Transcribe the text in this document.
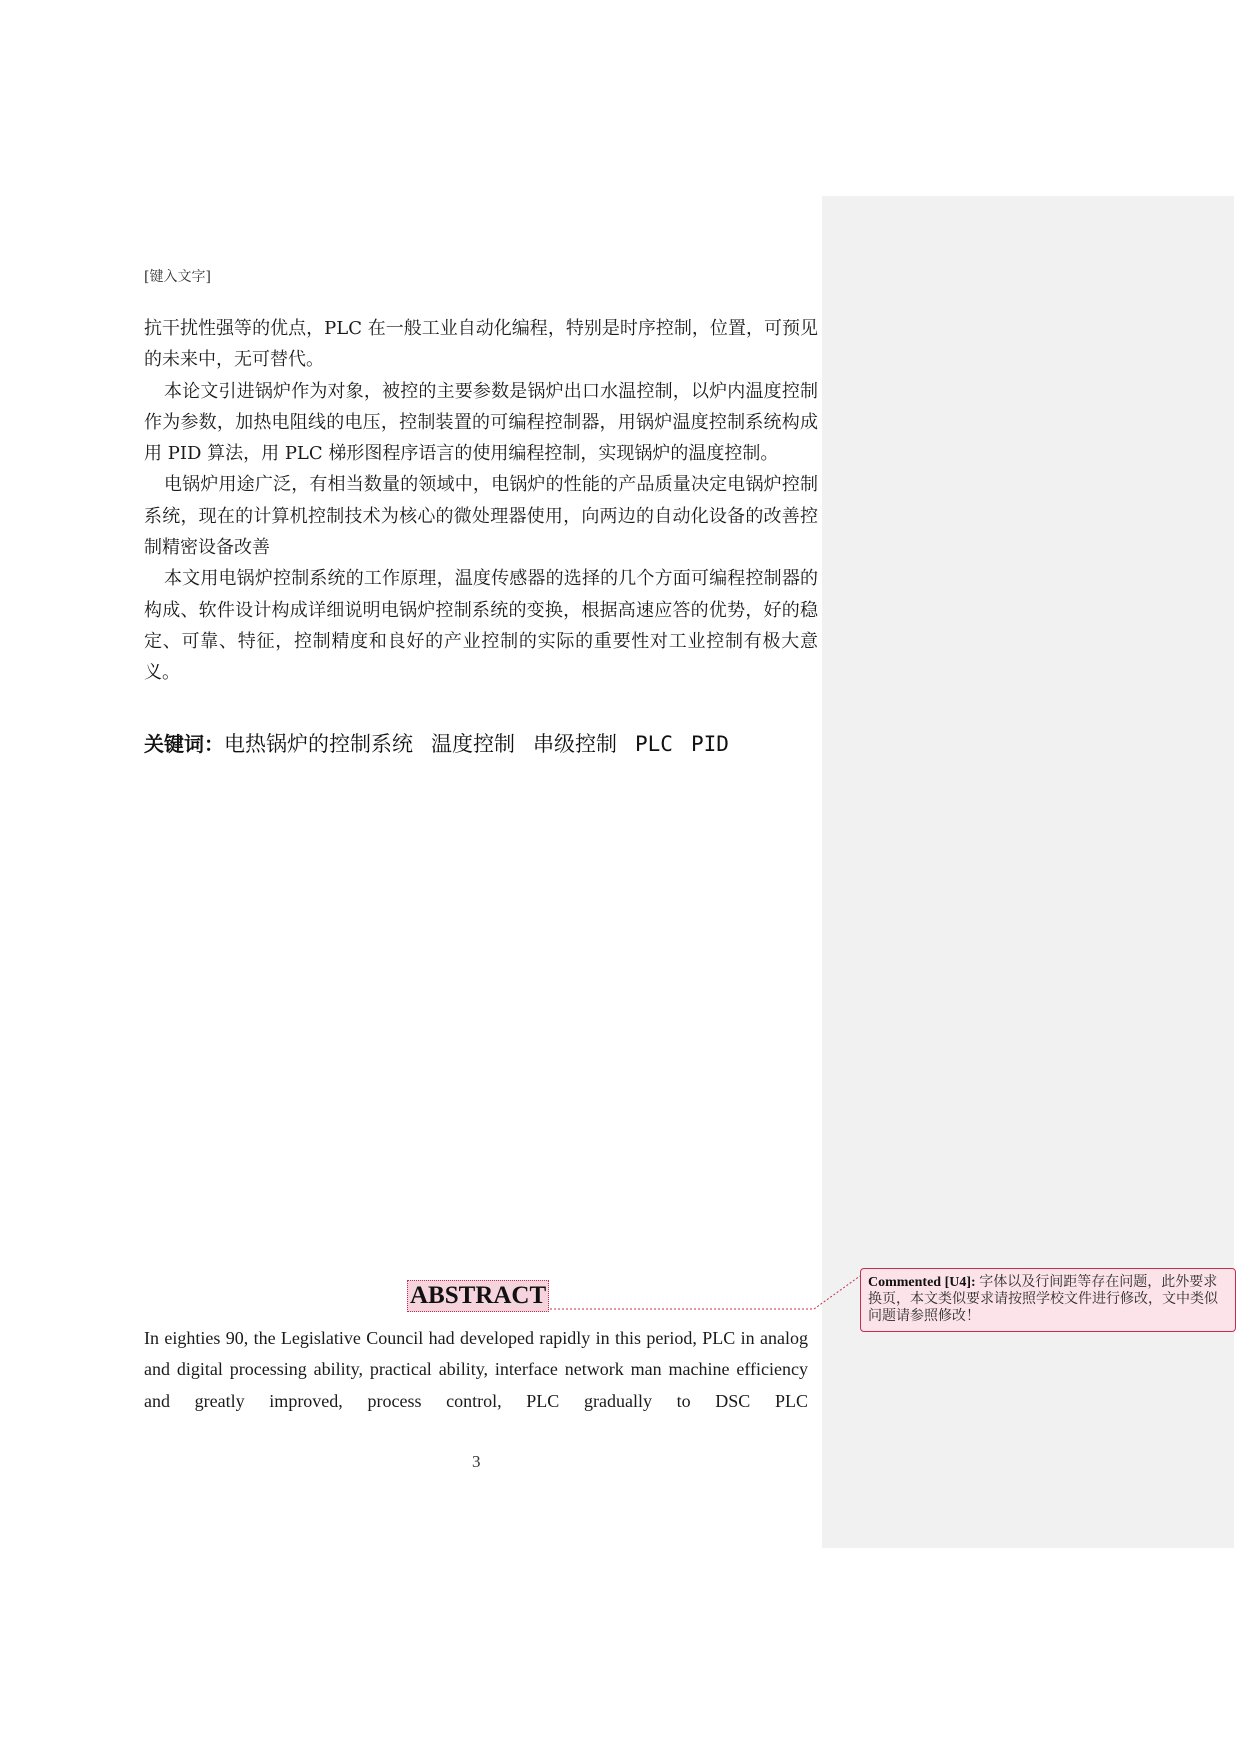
[键入文字]

抗干扰性强等的优点，PLC 在一般工业自动化编程，特别是时序控制，位置，可预见的未来中，无可替代。

本论文引进锅炉作为对象，被控的主要参数是锅炉出口水温控制，以炉内温度控制作为参数，加热电阻线的电压，控制装置的可编程控制器，用锅炉温度控制系统构成用 PID 算法，用 PLC 梯形图程序语言的使用编程控制，实现锅炉的温度控制。

电锅炉用途广泛，有相当数量的领域中，电锅炉的性能的产品质量决定电锅炉控制系统，现在的计算机控制技术为核心的微处理器使用，向两边的自动化设备的改善控制精密设备改善

本文用电锅炉控制系统的工作原理，温度传感器的选择的几个方面可编程控制器的构成、软件设计构成详细说明电锅炉控制系统的变换，根据高速应答的优势，好的稳定、可靠、特征，控制精度和良好的产业控制的实际的重要性对工业控制有极大意义。

关键词：电热锅炉的控制系统 温度控制 串级控制 PLC PID
ABSTRACT
In eighties 90, the Legislative Council had developed rapidly in this period, PLC in analog and digital processing ability, practical ability, interface network man machine efficiency and greatly improved, process control, PLC gradually to DSC PLC
3
Commented [U4]: 字体以及行间距等存在问题，此外要求换页，本文类似要求请按照学校文件进行修改，文中类似问题请参照修改！
